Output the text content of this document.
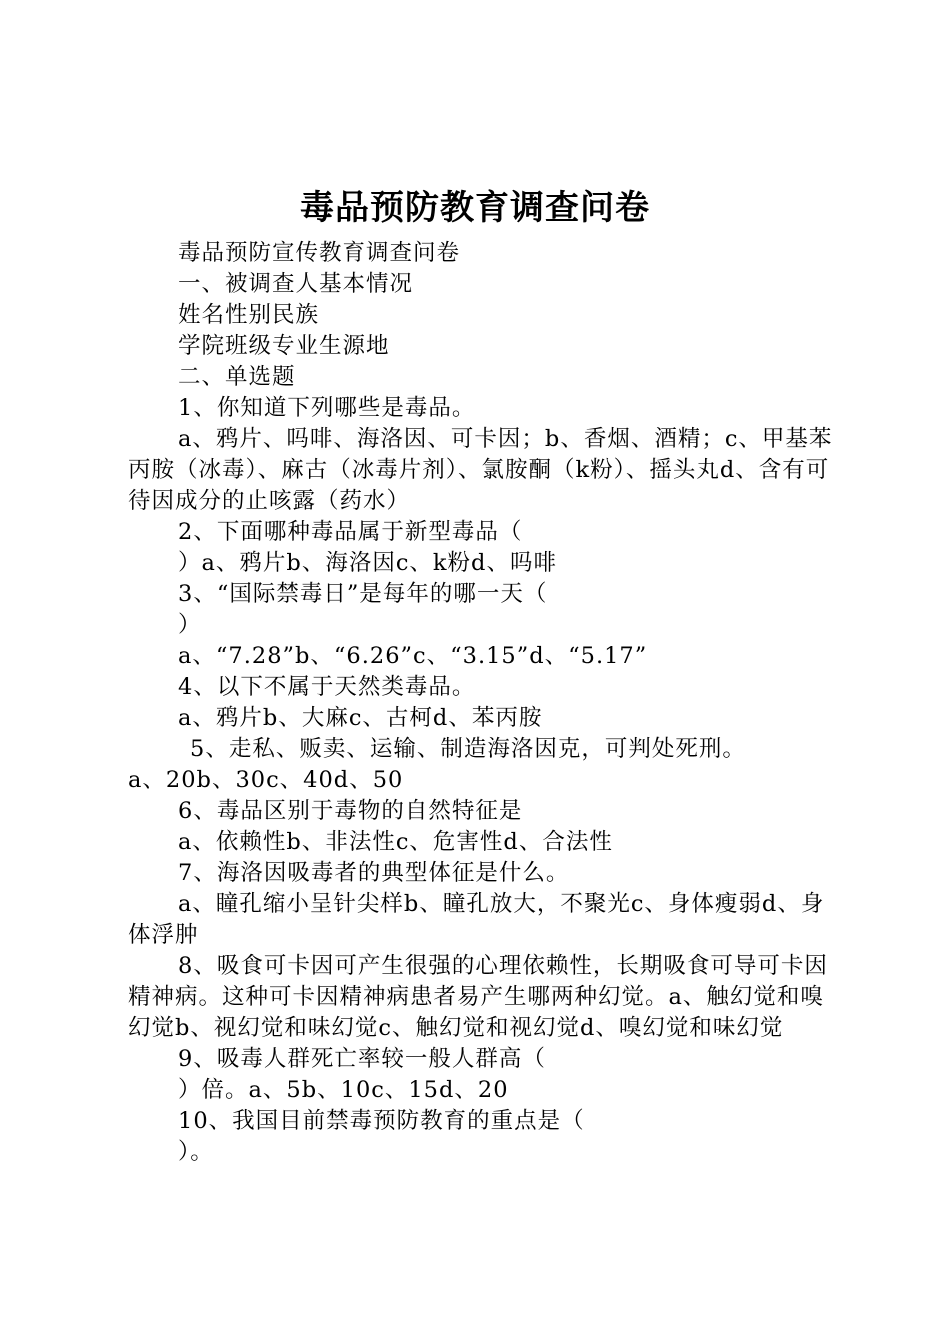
毒品预防教育调查问卷

毒品预防宣传教育调查问卷

一、被调查人基本情况

姓名性别民族

学院班级专业生源地

二、单选题

1、你知道下列哪些是毒品。

a、鸦片、吗啡、海洛因、可卡因；b、香烟、酒精；c、甲基苯丙胺（冰毒）、麻古（冰毒片剂）、氯胺酮（k粉）、摇头丸d、含有可待因成分的止咳露（药水）

2、下面哪种毒品属于新型毒品（

）a、鸦片b、海洛因c、k粉d、吗啡

3、“国际禁毒日”是每年的哪一天（

）

a、“7.28”b、“6.26”c、“3.15”d、“5.17”

4、以下不属于天然类毒品。

a、鸦片b、大麻c、古柯d、苯丙胺

5、走私、贩卖、运输、制造海洛因克，可判处死刑。

a、20b、30c、40d、50

6、毒品区别于毒物的自然特征是

a、依赖性b、非法性c、危害性d、合法性

7、海洛因吸毒者的典型体征是什么。

a、瞳孔缩小呈针尖样b、瞳孔放大，不聚光c、身体瘦弱d、身体浮肿

8、吸食可卡因可产生很强的心理依赖性，长期吸食可导可卡因精神病。这种可卡因精神病患者易产生哪两种幻觉。a、触幻觉和嗅幻觉b、视幻觉和味幻觉c、触幻觉和视幻觉d、嗅幻觉和味幻觉

9、吸毒人群死亡率较一般人群高（

）倍。a、5b、10c、15d、20

10、我国目前禁毒预防教育的重点是（

）。
